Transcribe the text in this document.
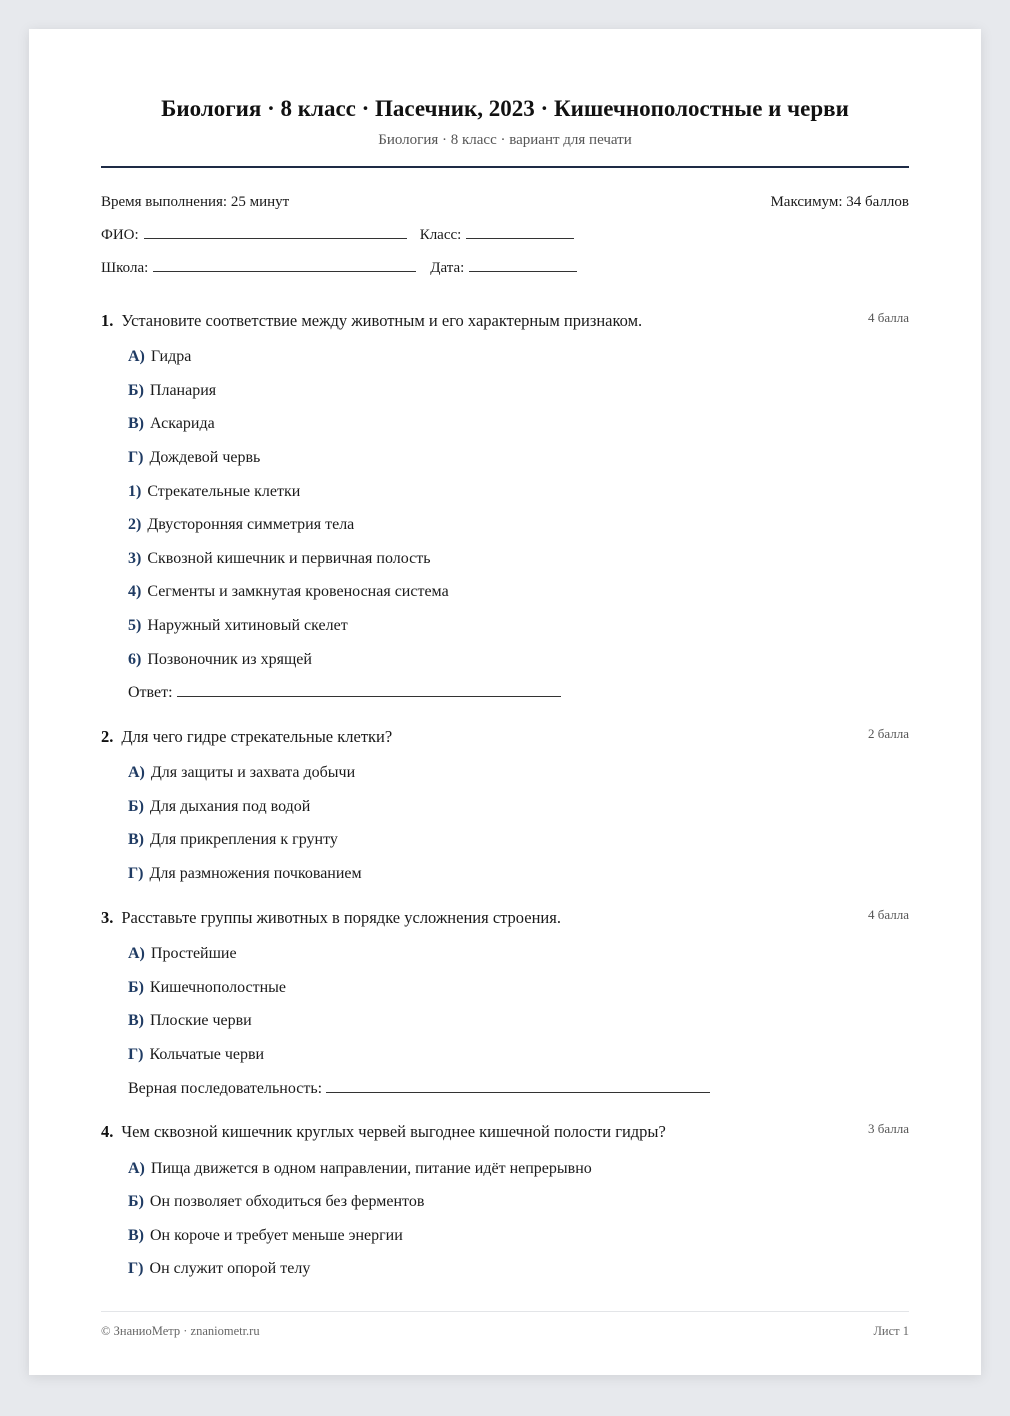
Биология · 8 класс · Пасечник, 2023 · Кишечнополостные и черви
Биология · 8 класс · вариант для печати
Время выполнения: 25 минут	Максимум: 34 баллов
ФИО:	Класс:
Школа:	Дата:
1. Установите соответствие между животным и его характерным признаком.	4 балла
А) Гидра
Б) Планария
В) Аскарида
Г) Дождевой червь
1) Стрекательные клетки
2) Двусторонняя симметрия тела
3) Сквозной кишечник и первичная полость
4) Сегменты и замкнутая кровеносная система
5) Наружный хитиновый скелет
6) Позвоночник из хрящей
Ответ:
2. Для чего гидре стрекательные клетки?	2 балла
А) Для защиты и захвата добычи
Б) Для дыхания под водой
В) Для прикрепления к грунту
Г) Для размножения почкованием
3. Расставьте группы животных в порядке усложнения строения.	4 балла
А) Простейшие
Б) Кишечнополостные
В) Плоские черви
Г) Кольчатые черви
Верная последовательность:
4. Чем сквозной кишечник круглых червей выгоднее кишечной полости гидры?	3 балла
А) Пища движется в одном направлении, питание идёт непрерывно
Б) Он позволяет обходиться без ферментов
В) Он короче и требует меньше энергии
Г) Он служит опорой телу
© ЗнаниоМетр · znaniometr.ru	Лист 1
